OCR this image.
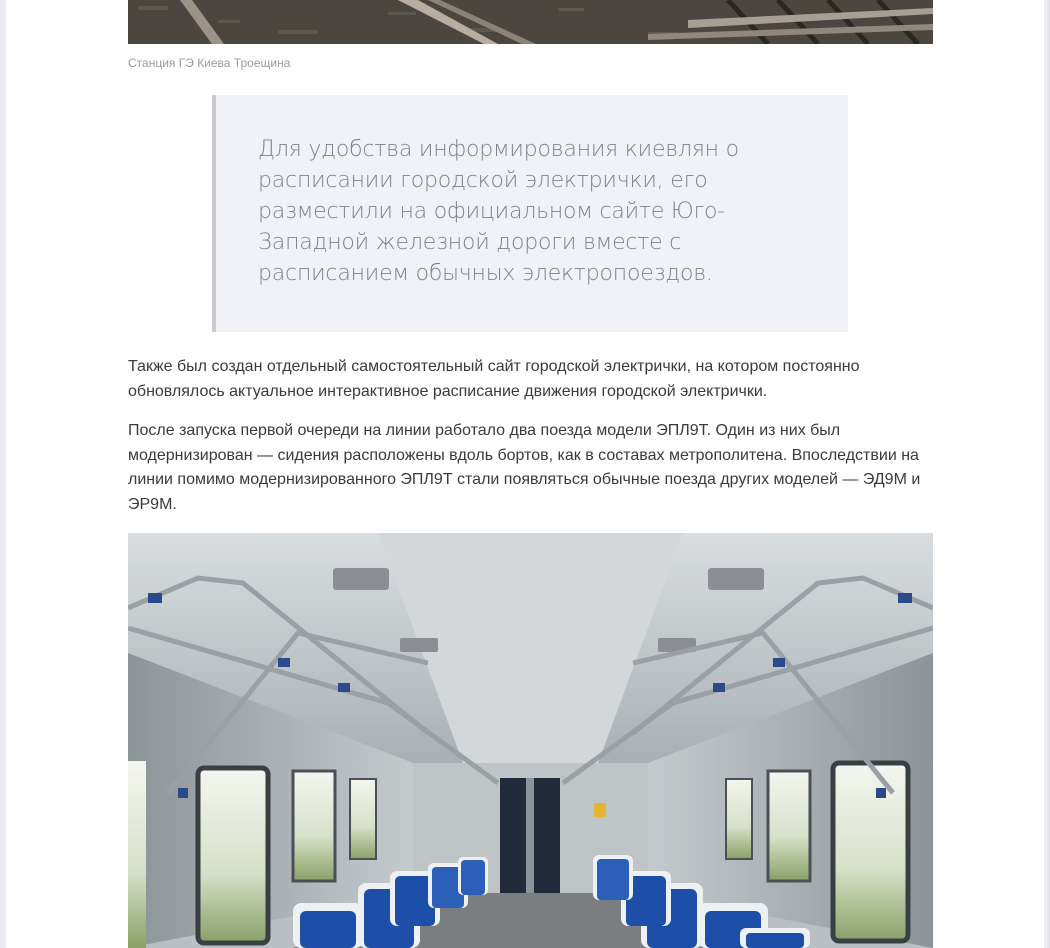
Станция ГЭ Киева Троещина

Для удобства информирования киевлян о расписании городской электрички, его разместили на официальном сайте Юго-Западной железной дороги вместе с расписанием обычных электропоездов.

Также был создан отдельный самостоятельный сайт городской электрички, на котором постоянно обновлялось актуальное интерактивное расписание движения городской электрички.

После запуска первой очереди на линии работало два поезда модели ЭПЛ9Т. Один из них был модернизирован — сидения расположены вдоль бортов, как в составах метрополитена. Впоследствии на линии помимо модернизированного ЭПЛ9Т стали появляться обычные поезда других моделей — ЭД9М и ЭР9М.
